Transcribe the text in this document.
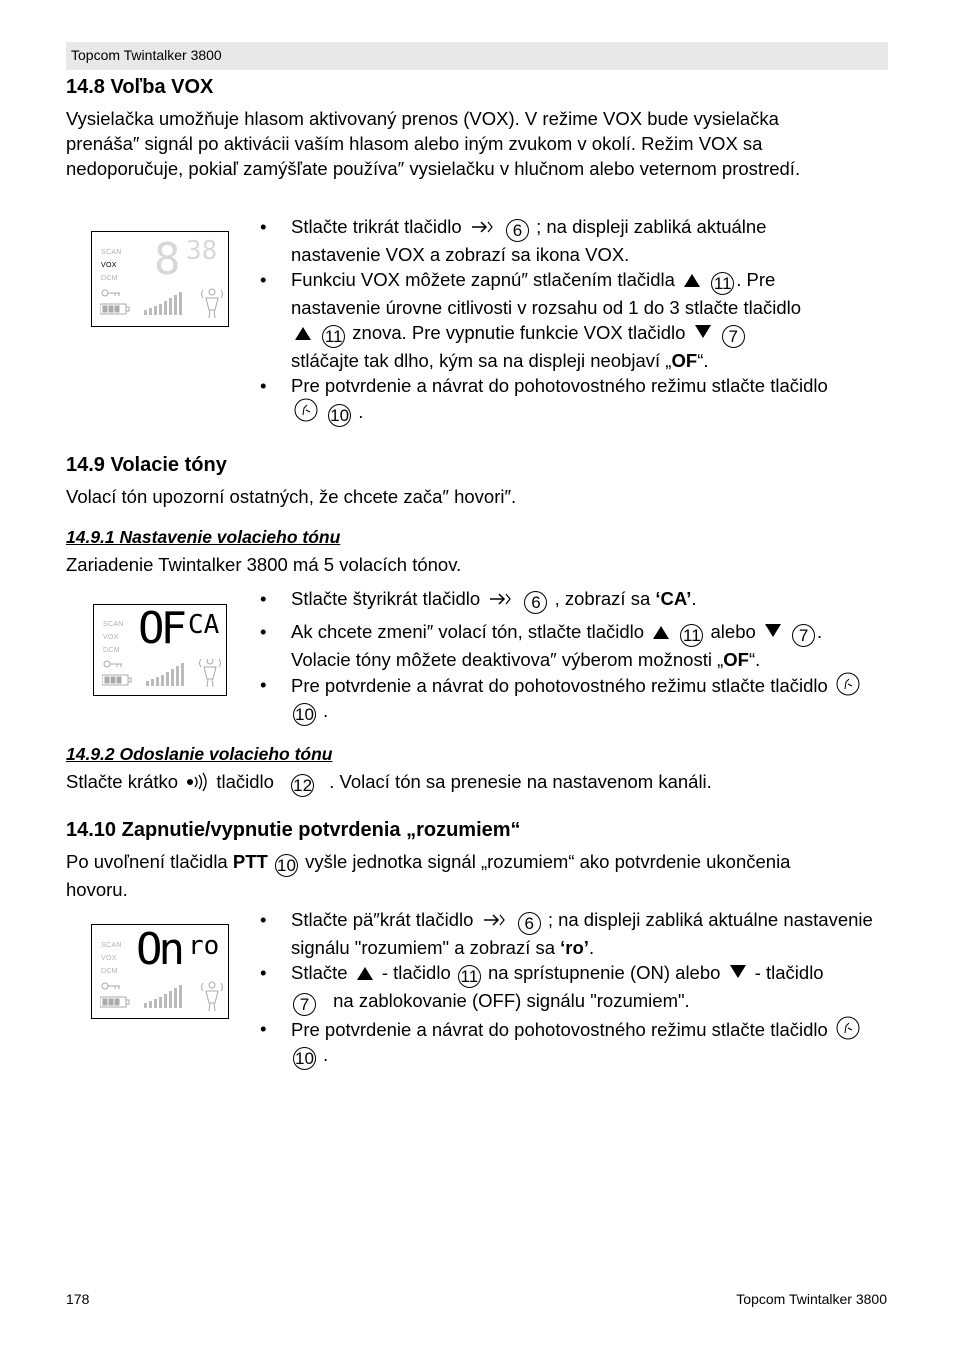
Topcom Twintalker 3800
14.8 Voľba VOX
Vysielačka umožňuje hlasom aktivovaný prenos (VOX). V režime VOX bude vysielačka
prenáša″ signál po aktivácii vaším hlasom alebo iným zvukom v okolí. Režim VOX sa
nedoporučuje, pokiaľ zamýšľate používa″ vysielačku v hlučnom alebo veternom prostredí.
SCAN
VOX
DCM 8 38
• Stlačte trikrát tlačidlo	6 ; na displeji zabliká aktuálne nastavenie VOX a zobrazí sa ikona VOX.
• Funkciu VOX môžete zapnú″ stlačením tlačidla 11 . Pre nastavenie úrovne citlivosti v rozsahu od 1 do 3 stlačte tlačidlo
11 znova. Pre vypnutie funkcie VOX tlačidlo	7
stláčajte tak dlho, kým sa na displeji neobjaví „OF“.
• Pre potvrdenie a návrat do pohotovostného režimu stlačte tlačidlo  10 .
14.9 Volacie tóny
Volací tón upozorní ostatných, že chcete zača″ hovori″.
14.9.1 Nastavenie volacieho tónu
Zariadenie Twintalker 3800 má 5 volacích tónov.
SCAN
VOX
DCM OF CA
• Stlačte štyrikrát tlačidlo	6 , zobrazí sa ‘CA’.
• Ak chcete zmeni″ volací tón, stlačte tlačidlo 11 alebo	7 . Volacie tóny môžete deaktivova″ výberom možnosti „OF“.
• Pre potvrdenie a návrat do pohotovostného režimu stlačte tlačidlo  10 .
14.9.2 Odoslanie volacieho tónu
Stlačte krátko tlačidlo 12 . Volací tón sa prenesie na nastavenom kanáli.
14.10 Zapnutie/vypnutie potvrdenia „rozumiem“
Po uvoľnení tlačidla PTT 10 vyšle jednotka signál „rozumiem“ ako potvrdenie ukončenia
hovoru.
SCAN
VOX
DCM On ro
• Stlačte pä″krát tlačidlo	6 ; na displeji zabliká aktuálne nastavenie signálu "rozumiem" a zobrazí sa ‘ro’.
• Stlačte - tlačidlo 11 na sprístupnenie (ON) alebo - tlačidlo
7 na zablokovanie (OFF) signálu "rozumiem".
• Pre potvrdenie a návrat do pohotovostného režimu stlačte tlačidlo  10 .
178	Topcom Twintalker 3800
